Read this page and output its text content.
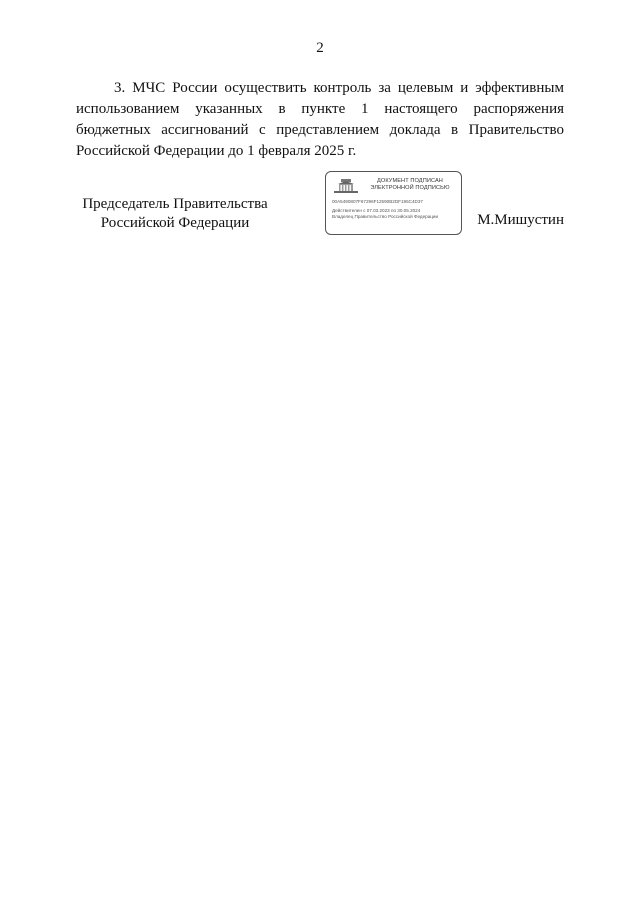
2
3. МЧС России осуществить контроль за целевым и эффективным использованием указанных в пункте 1 настоящего распоряжения бюджетных ассигнований с представлением доклада в Правительство Российской Федерации до 1 февраля 2025 г.
Председатель Правительства
Российской Федерации
ДОКУМЕНТ ПОДПИСАН
ЭЛЕКТРОННОЙ ПОДПИСЬЮ
00A5490807F67296F12590B2DF195C4D37
Действителен с 07.03.2023 по 30.05.2024
Владелец Правительство Российской Федерации	М.Мишустин
